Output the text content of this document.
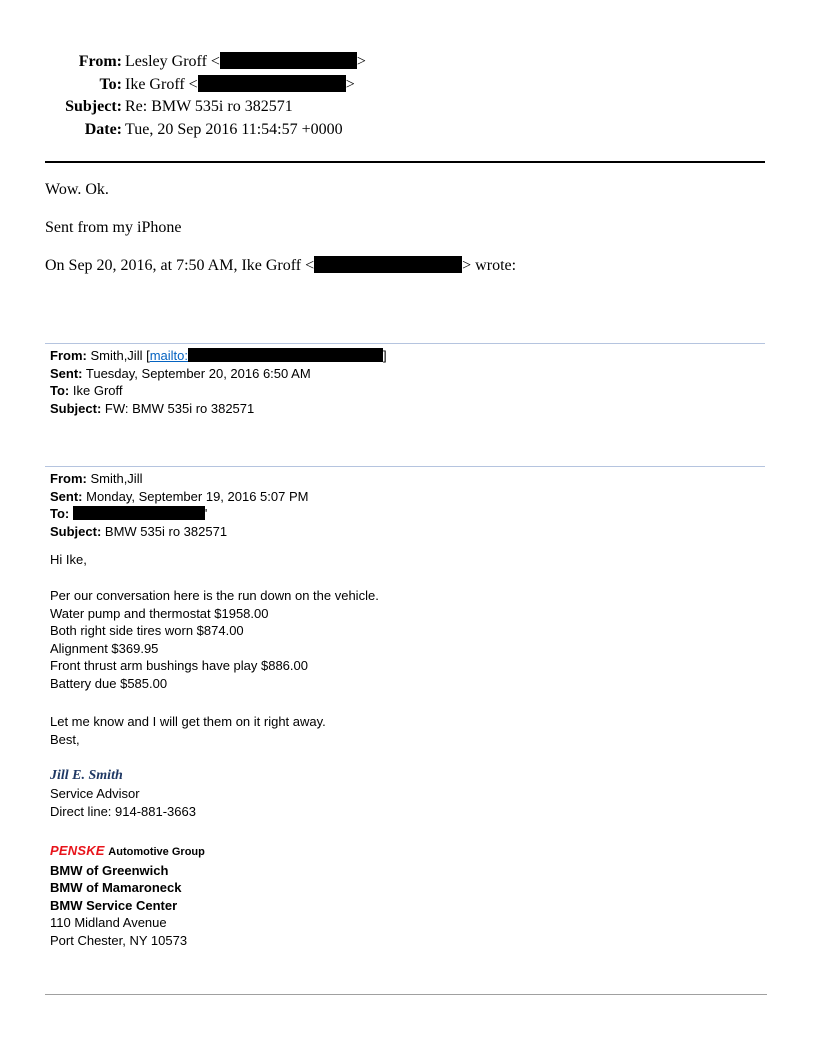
From: Lesley Groff <	>
To: Ike Groff <	>
Subject: Re: BMW 535i ro 382571
Date: Tue, 20 Sep 2016 11:54:57 +0000
Wow. Ok.
Sent from my iPhone
On Sep 20, 2016, at 7:50 AM, Ike Groff <	> wrote:
From: Smith,Jill [mailto:	]
Sent: Tuesday, September 20, 2016 6:50 AM
To: Ike Groff
Subject: FW: BMW 535i ro 382571
From: Smith,Jill
Sent: Monday, September 19, 2016 5:07 PM
To:	'
Subject: BMW 535i ro 382571
Hi Ike,
Per our conversation here is the run down on the vehicle.
Water pump and thermostat $1958.00
Both right side tires worn $874.00
Alignment $369.95
Front thrust arm bushings have play $886.00
Battery due $585.00
Let me know and I will get them on it right away.
Best,
Jill E. Smith
Service Advisor
Direct line: 914-881-3663
PENSKE Automotive Group
BMW of Greenwich
BMW of Mamaroneck
BMW Service Center
110 Midland Avenue
Port Chester, NY 10573
